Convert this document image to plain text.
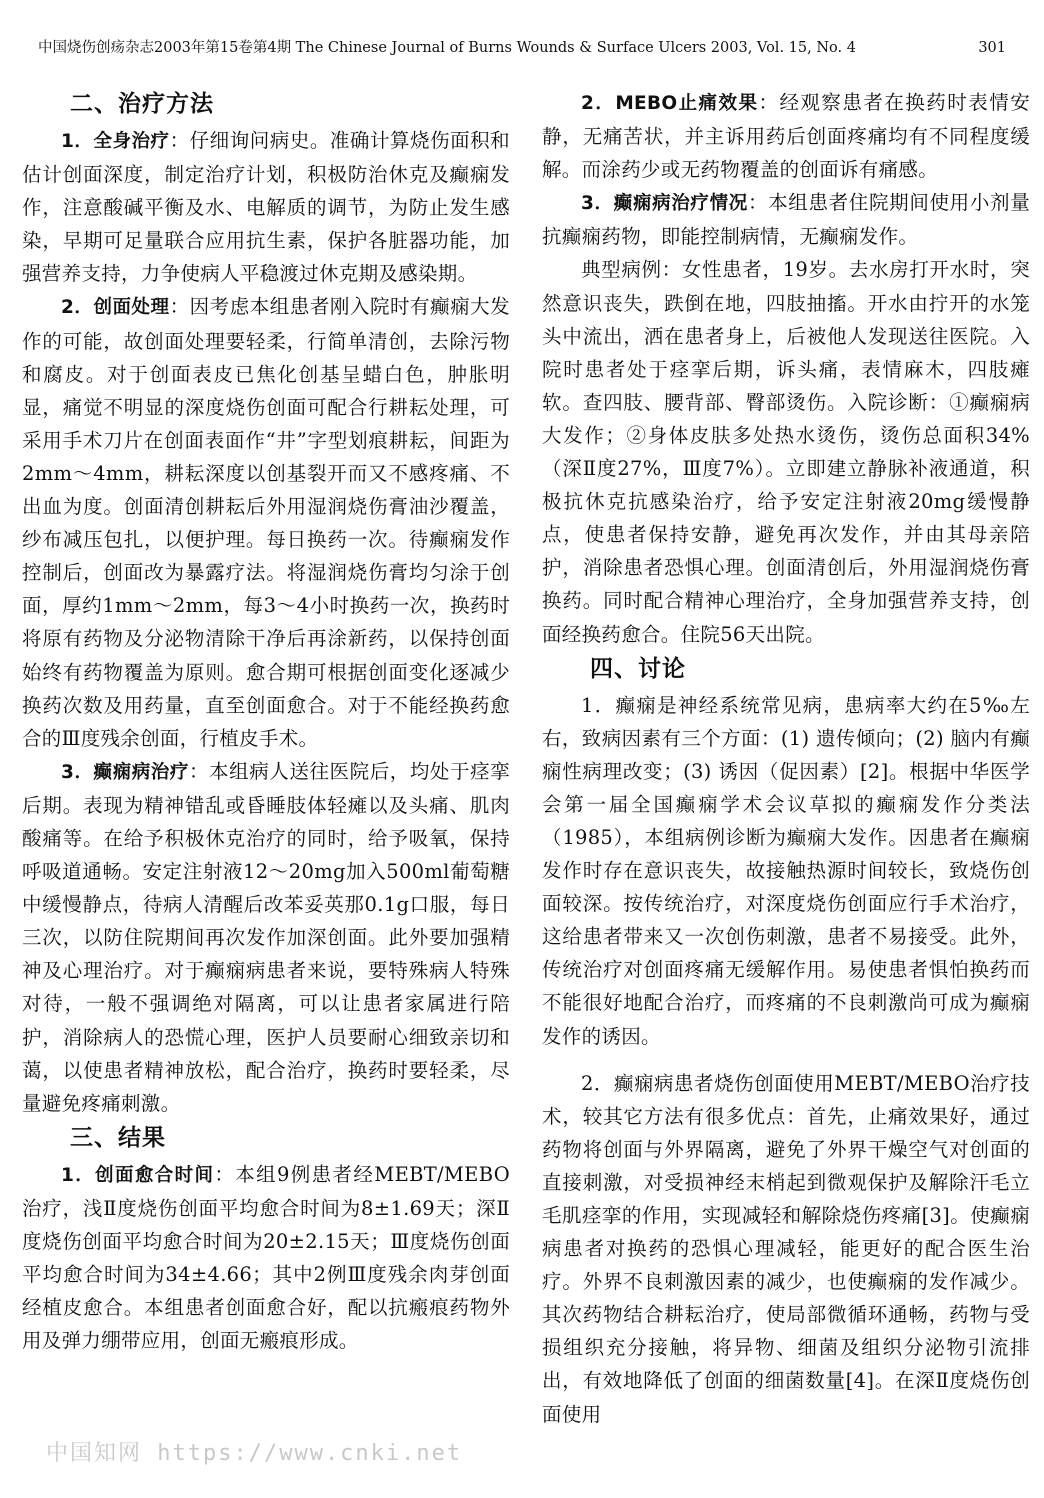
中国烧伤创疡杂志2003年第15卷第4期 The Chinese Journal of Burns Wounds & Surface Ulcers 2003, Vol. 15, No. 4	301
二、治疗方法

1．全身治疗：仔细询问病史。准确计算烧伤面积和估计创面深度，制定治疗计划，积极防治休克及癫痫发作，注意酸碱平衡及水、电解质的调节，为防止发生感染，早期可足量联合应用抗生素，保护各脏器功能，加强营养支持，力争使病人平稳渡过休克期及感染期。

2．创面处理：因考虑本组患者刚入院时有癫痫大发作的可能，故创面处理要轻柔，行简单清创，去除污物和腐皮。对于创面表皮已焦化创基呈蜡白色，肿胀明显，痛觉不明显的深度烧伤创面可配合行耕耘处理，可采用手术刀片在创面表面作“井”字型划痕耕耘，间距为2mm～4mm，耕耘深度以创基裂开而又不感疼痛、不出血为度。创面清创耕耘后外用湿润烧伤膏油沙覆盖，纱布减压包扎，以便护理。每日换药一次。待癫痫发作控制后，创面改为暴露疗法。将湿润烧伤膏均匀涂于创面，厚约1mm～2mm，每3～4小时换药一次，换药时将原有药物及分泌物清除干净后再涂新药，以保持创面始终有药物覆盖为原则。愈合期可根据创面变化逐减少换药次数及用药量，直至创面愈合。对于不能经换药愈合的Ⅲ度残余创面，行植皮手术。

3．癫痫病治疗：本组病人送往医院后，均处于痉挛后期。表现为精神错乱或昏睡肢体轻瘫以及头痛、肌肉酸痛等。在给予积极休克治疗的同时，给予吸氧，保持呼吸道通畅。安定注射液12～20mg加入500ml葡萄糖中缓慢静点，待病人清醒后改苯妥英那0.1g口服，每日三次，以防住院期间再次发作加深创面。此外要加强精神及心理治疗。对于癫痫病患者来说，要特殊病人特殊对待，一般不强调绝对隔离，可以让患者家属进行陪护，消除病人的恐慌心理，医护人员要耐心细致亲切和蔼，以使患者精神放松，配合治疗，换药时要轻柔，尽量避免疼痛刺激。

三、结果

1．创面愈合时间：本组9例患者经MEBT/MEBO治疗，浅Ⅱ度烧伤创面平均愈合时间为8±1.69天；深Ⅱ度烧伤创面平均愈合时间为20±2.15天；Ⅲ度烧伤创面平均愈合时间为34±4.66；其中2例Ⅲ度残余肉芽创面经植皮愈合。本组患者创面愈合好，配以抗瘢痕药物外用及弹力绷带应用，创面无瘢痕形成。

2．MEBO止痛效果：经观察患者在换药时表情安静，无痛苦状，并主诉用药后创面疼痛均有不同程度缓解。而涂药少或无药物覆盖的创面诉有痛感。

3．癫痫病治疗情况：本组患者住院期间使用小剂量抗癫痫药物，即能控制病情，无癫痫发作。

典型病例：女性患者，19岁。去水房打开水时，突然意识丧失，跌倒在地，四肢抽搐。开水由拧开的水笼头中流出，洒在患者身上，后被他人发现送往医院。入院时患者处于痉挛后期，诉头痛，表情麻木，四肢瘫软。查四肢、腰背部、臀部烫伤。入院诊断：①癫痫病大发作；②身体皮肤多处热水烫伤，烫伤总面积34%（深Ⅱ度27%，Ⅲ度7%）。立即建立静脉补液通道，积极抗休克抗感染治疗，给予安定注射液20mg缓慢静点，使患者保持安静，避免再次发作，并由其母亲陪护，消除患者恐惧心理。创面清创后，外用湿润烧伤膏换药。同时配合精神心理治疗，全身加强营养支持，创面经换药愈合。住院56天出院。

四、讨论

1．癫痫是神经系统常见病，患病率大约在5‰左右，致病因素有三个方面：(1) 遗传倾向；(2) 脑内有癫痫性病理改变；(3) 诱因（促因素）[2]。根据中华医学会第一届全国癫痫学术会议草拟的癫痫发作分类法（1985），本组病例诊断为癫痫大发作。因患者在癫痫发作时存在意识丧失，故接触热源时间较长，致烧伤创面较深。按传统治疗，对深度烧伤创面应行手术治疗，这给患者带来又一次创伤刺激，患者不易接受。此外，传统治疗对创面疼痛无缓解作用。易使患者惧怕换药而不能很好地配合治疗，而疼痛的不良刺激尚可成为癫痫发作的诱因。

2．癫痫病患者烧伤创面使用MEBT/MEBO治疗技术，较其它方法有很多优点：首先，止痛效果好，通过药物将创面与外界隔离，避免了外界干燥空气对创面的直接刺激，对受损神经末梢起到微观保护及解除汗毛立毛肌痉挛的作用，实现减轻和解除烧伤疼痛[3]。使癫痫病患者对换药的恐惧心理减轻，能更好的配合医生治疗。外界不良刺激因素的减少，也使癫痫的发作减少。其次药物结合耕耘治疗，使局部微循环通畅，药物与受损组织充分接触，将异物、细菌及组织分泌物引流排出，有效地降低了创面的细菌数量[4]。在深Ⅱ度烧伤创面使用

中国知网 https://www.cnki.net
